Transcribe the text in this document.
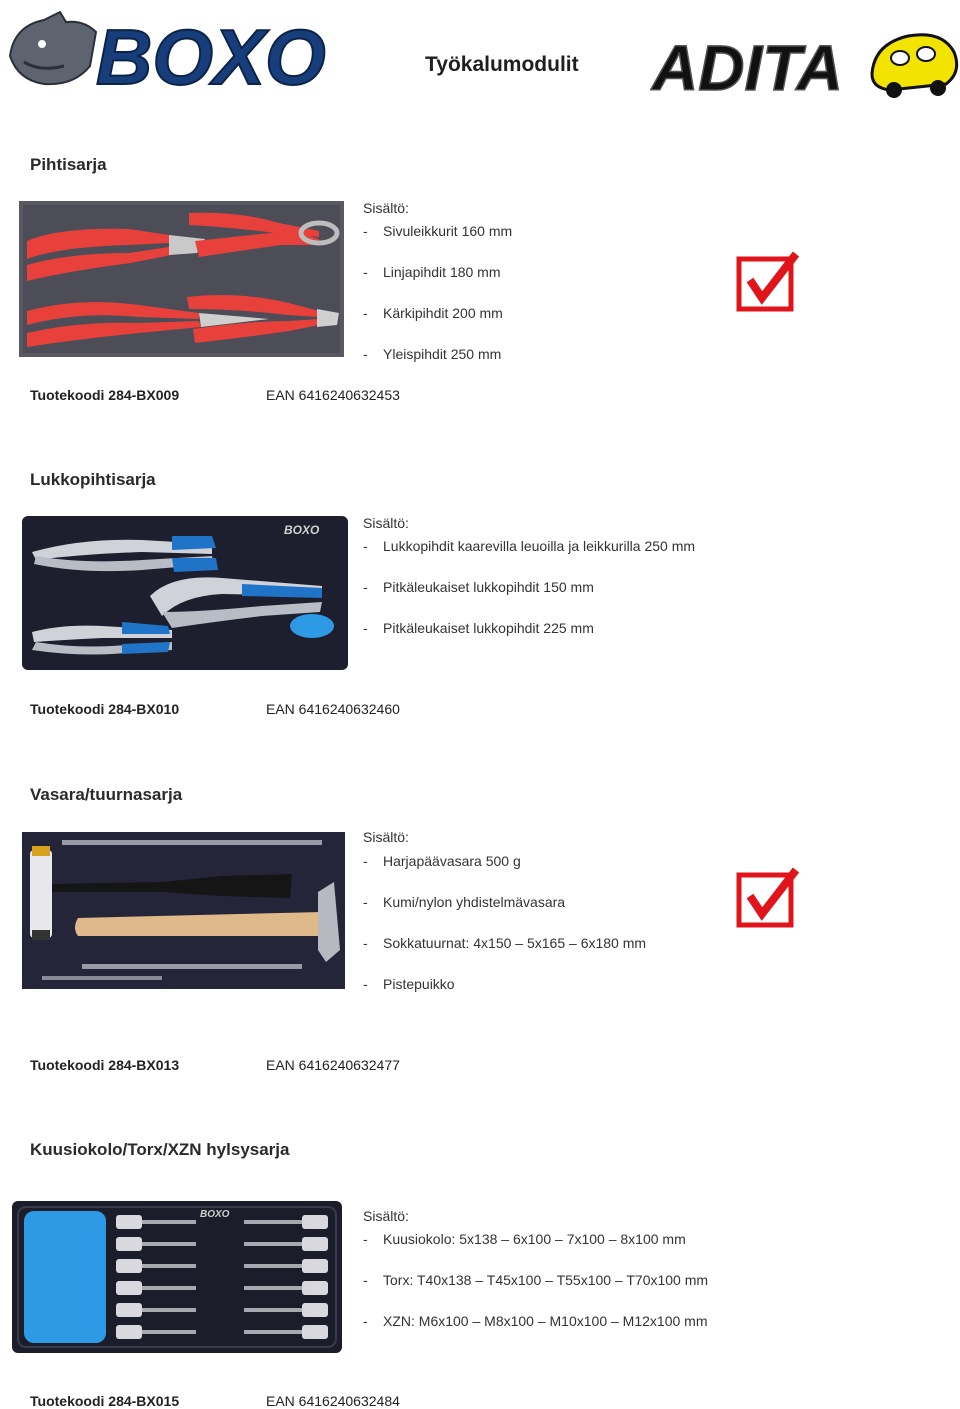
BOXO	Työkalumodulit ADITA
Pihtisarja
Sisältö:
- Sivuleikkurit 160 mm
- Linjapihdit 180 mm
- Kärkipihdit 200 mm
- Yleispihdit 250 mm
Tuotekoodi 284-BX009	EAN 6416240632453
Lukkopihtisarja
BOXO	Sisältö:
- Lukkopihdit kaarevilla leuoilla ja leikkurilla 250 mm
- Pitkäleukaiset lukkopihdit 150 mm
- Pitkäleukaiset lukkopihdit 225 mm
Tuotekoodi 284-BX010	EAN 6416240632460
Vasara/tuurnasarja
Sisältö:
- Harjapäävasara 500 g
- Kumi/nylon yhdistelmävasara
- Sokkatuurnat: 4x150 – 5x165 – 6x180 mm
- Pistepuikko
Tuotekoodi 284-BX013	EAN 6416240632477
Kuusiokolo/Torx/XZN hylsysarja
BOXO	Sisältö:
- Kuusiokolo: 5x138 – 6x100 – 7x100 – 8x100 mm
- Torx: T40x138 – T45x100 – T55x100 – T70x100 mm
- XZN: M6x100 – M8x100 – M10x100 – M12x100 mm
Tuotekoodi 284-BX015	EAN 6416240632484
